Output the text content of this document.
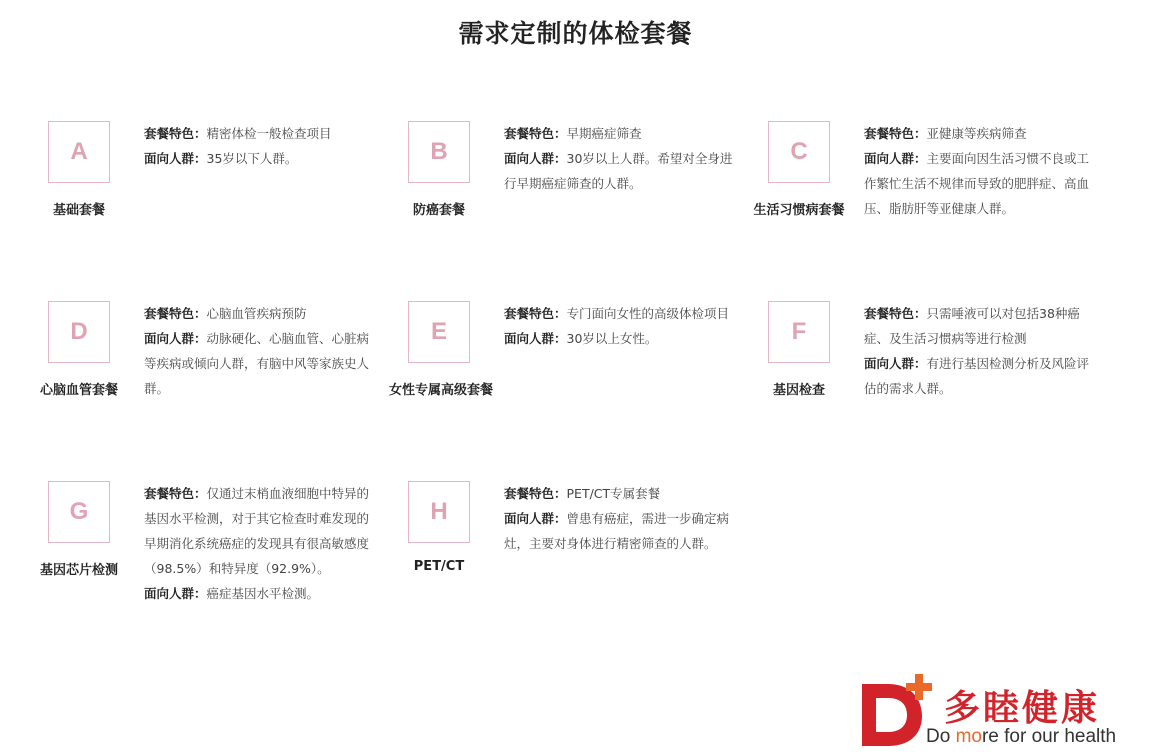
需求定制的体检套餐
A
基础套餐

套餐特色：精密体检一般检查项目

面向人群：35岁以下人群。	B
防癌套餐

套餐特色：早期癌症筛查

面向人群：30岁以上人群。希望对全身进行早期癌症筛查的人群。

C
生活习惯病套餐

套餐特色：亚健康等疾病筛查

面向人群：主要面向因生活习惯不良或工作繁忙生活不规律而导致的肥胖症、高血压、脂肪肝等亚健康人群。

D
心脑血管套餐

套餐特色：心脑血管疾病预防

面向人群：动脉硬化、心脑血管、心脏病等疾病或倾向人群，有脑中风等家族史人群。

E
女性专属高级套餐

套餐特色：专门面向女性的高级体检项目

面向人群：30岁以上女性。	F
基因检查

套餐特色：只需唾液可以对包括38种癌症、及生活习惯病等进行检测

面向人群：有进行基因检测分析及风险评估的需求人群。

G
基因芯片检测

套餐特色：仅通过末梢血液细胞中特异的基因水平检测，对于其它检查时难发现的早期消化系统癌症的发现具有很高敏感度（98.5%）和特异度（92.9%）。

面向人群：癌症基因水平检测。

H
PET/CT

套餐特色：PET/CT专属套餐

面向人群：曾患有癌症，需进一步确定病灶，主要对身体进行精密筛查的人群。

多睦健康
Do more for our health
